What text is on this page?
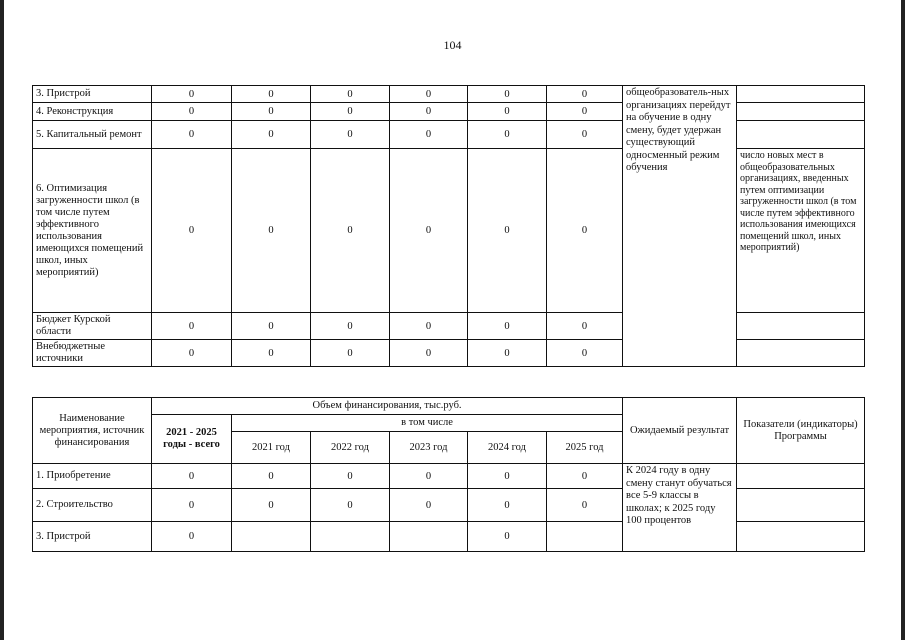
104
3. Пристрой	0	0	0	0	0	0	общеобразователь-ных организациях перейдут на обучение в одну смену, будет удержан существующий односменный режим обучения	
4. Реконструкция	0	0	0	0	0	0		
5. Капитальный ремонт	0	0	0	0	0	0		
6. Оптимизация загруженности школ (в том числе путем эффективного использования имеющихся помещений школ, иных мероприятий)	0	0	0	0	0	0		число новых мест в общеобразовательных организациях, введенных путем оптимизации загруженности школ (в том числе путем эффективного использования имеющихся помещений школ, иных мероприятий)
Бюджет Курской области	0	0	0	0	0	0		
Внебюджетные источники	0	0	0	0	0	0		
Наименование мероприятия, источник финансирования	Объем финансирования, тыс.руб.						Ожидаемый результат	Показатели (индикаторы) Программы
	2021 - 2025 годы - всего	в том числе						
		2021 год	2022 год	2023 год	2024 год	2025 год		
1. Приобретение	0	0	0	0	0	0	К 2024 году в одну смену станут обучаться все 5-9 классы в школах; к 2025 году 100 процентов	
2. Строительство	0	0	0	0	0	0		
3. Пристрой	0				0			
